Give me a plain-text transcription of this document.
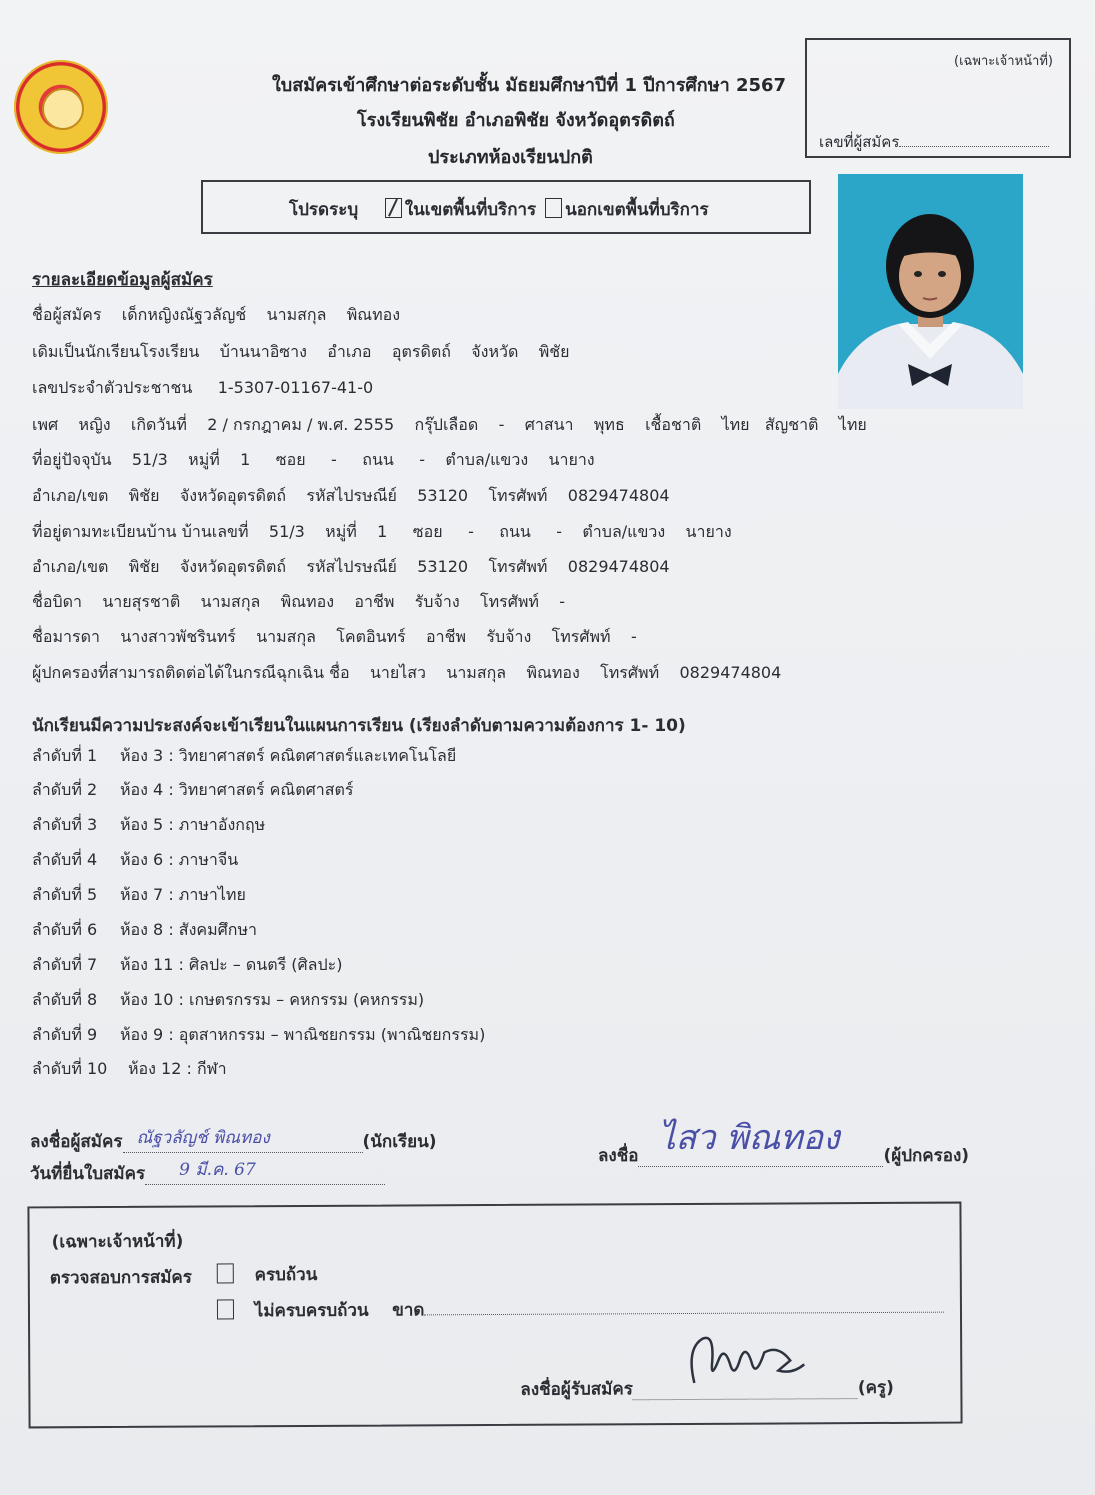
ใบสมัครเข้าศึกษาต่อระดับชั้น มัธยมศึกษาปีที่ 1 ปีการศึกษา 2567
โรงเรียนพิชัย อำเภอพิชัย จังหวัดอุตรดิตถ์
ประเภทห้องเรียนปกติ
(เฉพาะเจ้าหน้าที่)
เลขที่ผู้สมัคร
โปรดระบุ	ในเขตพื้นที่บริการ นอกเขตพื้นที่บริการ
รายละเอียดข้อมูลผู้สมัคร
ชื่อผู้สมัคร เด็กหญิงณัฐวลัญช์ นามสกุล พิณทอง
เดิมเป็นนักเรียนโรงเรียน บ้านนาอิซาง อำเภอ อุตรดิตถ์ จังหวัด พิชัย
เลขประจำตัวประชาชน 1-5307-01167-41-0
เพศ หญิง เกิดวันที่ 2 / กรกฎาคม / พ.ศ. 2555 กรุ๊ปเลือด - ศาสนา พุทธ เชื้อชาติ ไทย สัญชาติ ไทย
ที่อยู่ปัจจุบัน 51/3 หมู่ที่ 1 ซอย - ถนน - ตำบล/แขวง นายาง
อำเภอ/เขต พิชัย จังหวัดอุตรดิตถ์ รหัสไปรษณีย์ 53120 โทรศัพท์ 0829474804
ที่อยู่ตามทะเบียนบ้าน บ้านเลขที่ 51/3 หมู่ที่ 1 ซอย - ถนน - ตำบล/แขวง นายาง
อำเภอ/เขต พิชัย จังหวัดอุตรดิตถ์ รหัสไปรษณีย์ 53120 โทรศัพท์ 0829474804
ชื่อบิดา นายสุรชาติ นามสกุล พิณทอง อาชีพ รับจ้าง โทรศัพท์ -
ชื่อมารดา นางสาวพัชรินทร์ นามสกุล โคตอินทร์ อาชีพ รับจ้าง โทรศัพท์ -
ผู้ปกครองที่สามารถติดต่อได้ในกรณีฉุกเฉิน ชื่อ นายไสว นามสกุล พิณทอง โทรศัพท์ 0829474804
นักเรียนมีความประสงค์จะเข้าเรียนในแผนการเรียน (เรียงลำดับตามความต้องการ 1- 10)
ลำดับที่ 1 ห้อง 3 : วิทยาศาสตร์ คณิตศาสตร์และเทคโนโลยี
ลำดับที่ 2 ห้อง 4 : วิทยาศาสตร์ คณิตศาสตร์
ลำดับที่ 3 ห้อง 5 : ภาษาอังกฤษ
ลำดับที่ 4 ห้อง 6 : ภาษาจีน
ลำดับที่ 5 ห้อง 7 : ภาษาไทย
ลำดับที่ 6 ห้อง 8 : สังคมศึกษา
ลำดับที่ 7 ห้อง 11 : ศิลปะ – ดนตรี (ศิลปะ)
ลำดับที่ 8 ห้อง 10 : เกษตรกรรม – คหกรรม (คหกรรม)
ลำดับที่ 9 ห้อง 9 : อุตสาหกรรม – พาณิชยกรรม (พาณิชยกรรม)
ลำดับที่ 10 ห้อง 12 : กีฬา
ลงชื่อผู้สมัคร ณัฐวลัญช์ พิณทอง	(นักเรียน)
วันที่ยื่นใบสมัคร 9 มี.ค. 67

ลงชื่อ ไสว พิณทอง	(ผู้ปกครอง)
(เฉพาะเจ้าหน้าที่)
ตรวจสอบการสมัคร	ครบถ้วน
ไม่ครบครบถ้วน ขาด
ลงชื่อผู้รับสมัคร	(ครู)
